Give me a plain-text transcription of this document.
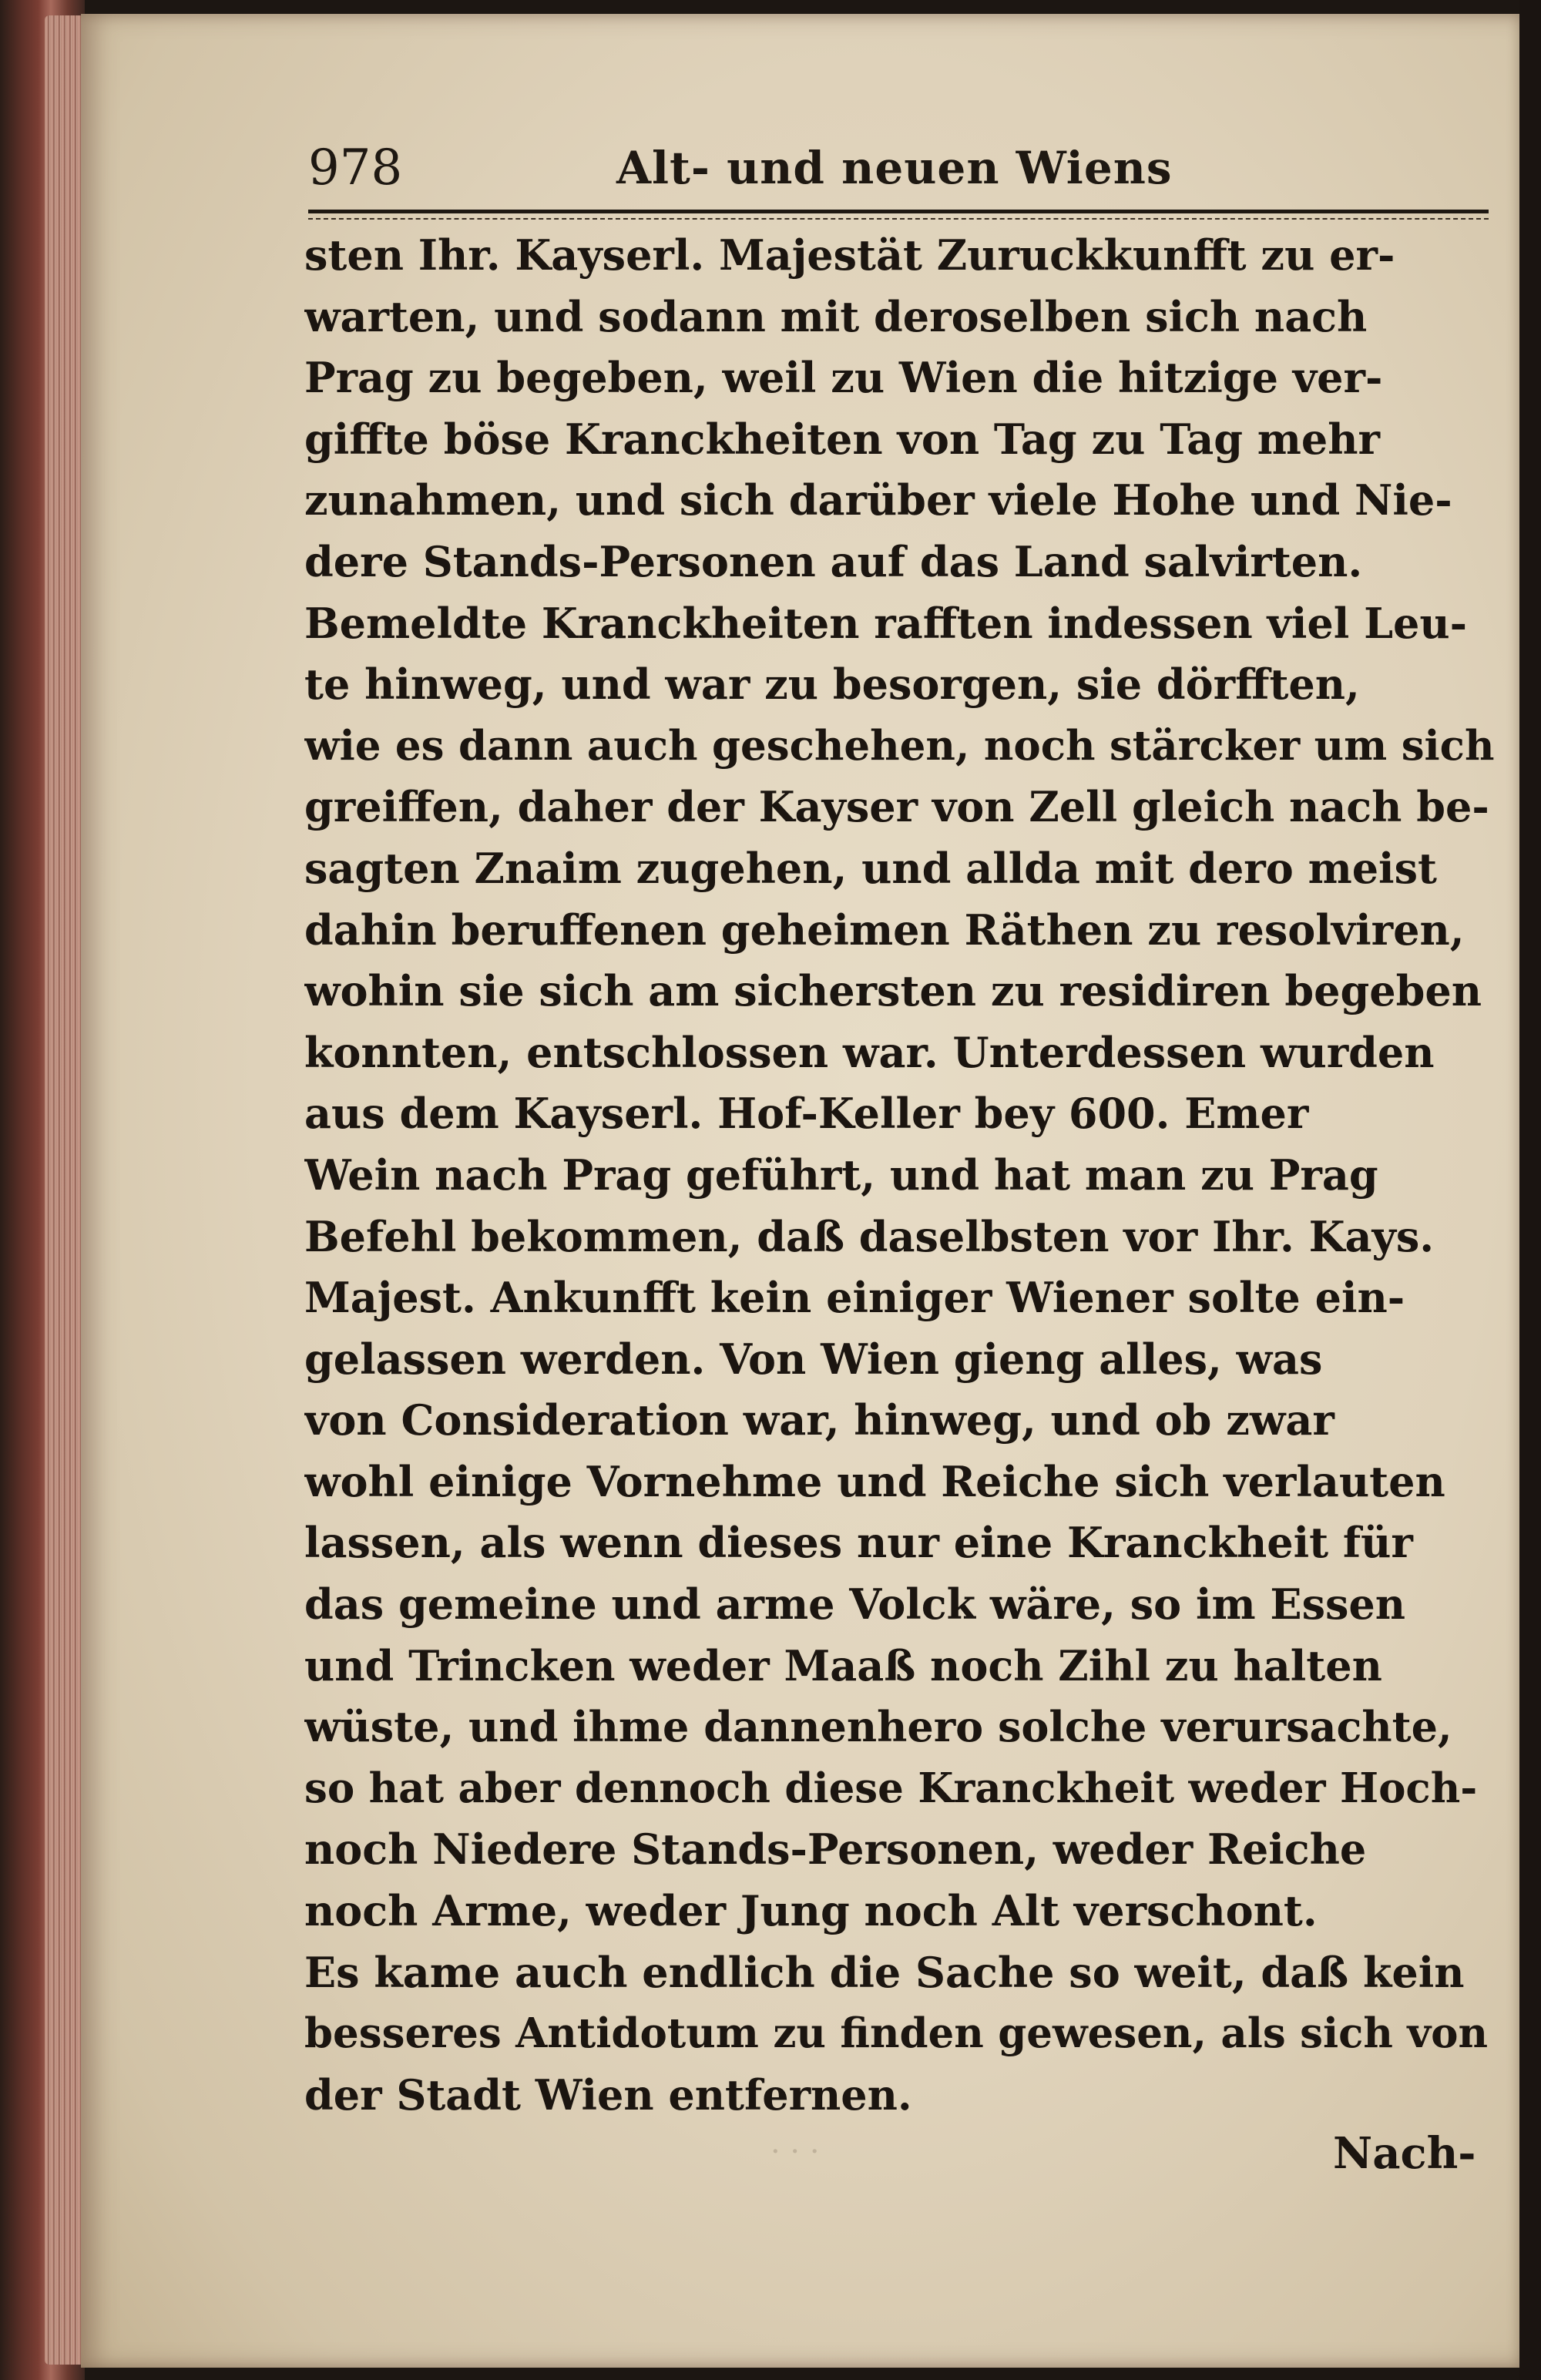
978	Alt- und neuen Wiens
sten Ihr. Kayserl. Majestät Zuruckkunfft zu er-
warten, und sodann mit deroselben sich nach
Prag zu begeben, weil zu Wien die hitzige ver-
giffte böse Kranckheiten von Tag zu Tag mehr
zunahmen, und sich darüber viele Hohe und Nie-
dere Stands-Personen auf das Land salvirten.
Bemeldte Kranckheiten rafften indessen viel Leu-
te hinweg, und war zu besorgen, sie dörfften,
wie es dann auch geschehen, noch stärcker um sich
greiffen, daher der Kayser von Zell gleich nach be-
sagten Znaim zugehen, und allda mit dero meist
dahin beruffenen geheimen Räthen zu resolviren,
wohin sie sich am sichersten zu residiren begeben
konnten, entschlossen war. Unterdessen wurden
aus dem Kayserl. Hof-Keller bey 600. Emer
Wein nach Prag geführt, und hat man zu Prag
Befehl bekommen, daß daselbsten vor Ihr. Kays.
Majest. Ankunfft kein einiger Wiener solte ein-
gelassen werden. Von Wien gieng alles, was
von Consideration war, hinweg, und ob zwar
wohl einige Vornehme und Reiche sich verlauten
lassen, als wenn dieses nur eine Kranckheit für
das gemeine und arme Volck wäre, so im Essen
und Trincken weder Maaß noch Zihl zu halten
wüste, und ihme dannenhero solche verursachte,
so hat aber dennoch diese Kranckheit weder Hoch-
noch Niedere Stands-Personen, weder Reiche
noch Arme, weder Jung noch Alt verschont.
Es kame auch endlich die Sache so weit, daß kein
besseres Antidotum zu finden gewesen, als sich von
der Stadt Wien entfernen.
· · ·	Nach-
